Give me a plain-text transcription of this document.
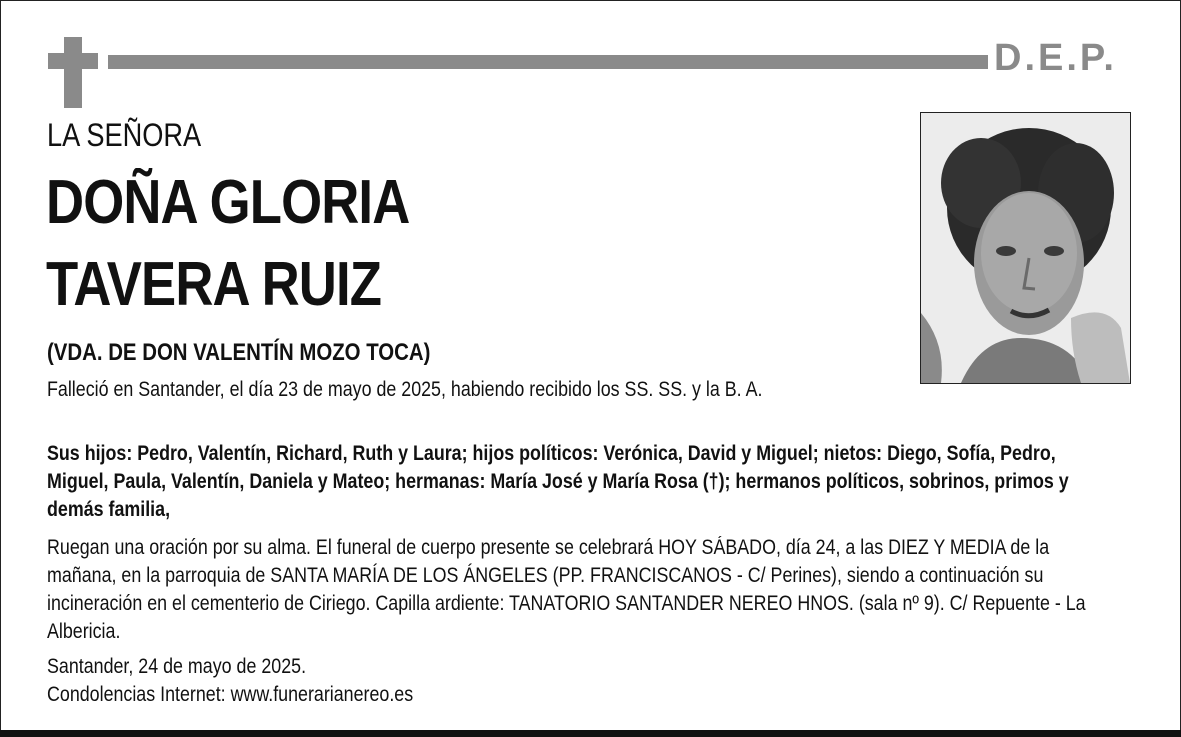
D.E.P.
LA SEÑORA
DOÑA GLORIA
TAVERA RUIZ
(VDA. DE DON VALENTÍN MOZO TOCA)

Falleció en Santander, el día 23 de mayo de 2025, habiendo recibido los SS. SS. y la B. A.

Sus hijos: Pedro, Valentín, Richard, Ruth y Laura; hijos políticos: Verónica, David y Miguel; nietos: Diego, Sofía, Pedro, Miguel, Paula, Valentín, Daniela y Mateo; hermanas: María José y María Rosa (†); hermanos políticos, sobrinos, primos y demás familia,

Ruegan una oración por su alma. El funeral de cuerpo presente se celebrará HOY SÁBADO, día 24, a las DIEZ Y MEDIA de la mañana, en la parroquia de SANTA MARÍA DE LOS ÁNGELES (PP. FRANCISCANOS - C/ Perines), siendo a continuación su incineración en el cementerio de Ciriego. Capilla ardiente: TANATORIO SANTANDER NEREO HNOS. (sala nº 9). C/ Repuente - La Albericia.

Santander, 24 de mayo de 2025.

Condolencias Internet: www.funerarianereo.es
